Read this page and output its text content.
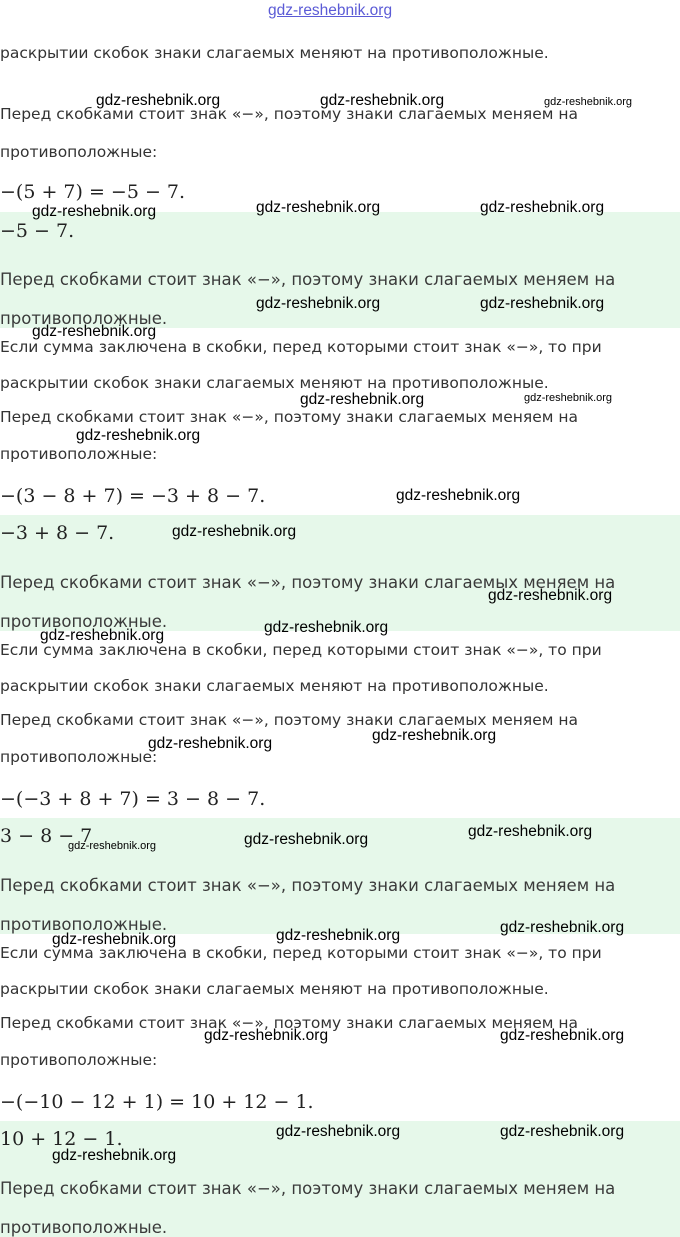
gdz-reshebnik.org
раскрытии скобок знаки слагаемых меняют на противоположные.
Перед скобками стоит знак «−», поэтому знаки слагаемых меняем на
противоположные:
−(5 + 7) = −5 − 7.
−5 − 7.
Перед скобками стоит знак «−», поэтому знаки слагаемых меняем на
противоположные.
Если сумма заключена в скобки, перед которыми стоит знак «−», то при
раскрытии скобок знаки слагаемых меняют на противоположные.
Перед скобками стоит знак «−», поэтому знаки слагаемых меняем на
противоположные:
−(3 − 8 + 7) = −3 + 8 − 7.
−3 + 8 − 7.
Перед скобками стоит знак «−», поэтому знаки слагаемых меняем на
противоположные.
Если сумма заключена в скобки, перед которыми стоит знак «−», то при
раскрытии скобок знаки слагаемых меняют на противоположные.
Перед скобками стоит знак «−», поэтому знаки слагаемых меняем на
противоположные:
−(−3 + 8 + 7) = 3 − 8 − 7.
3 − 8 − 7
Перед скобками стоит знак «−», поэтому знаки слагаемых меняем на
противоположные.
Если сумма заключена в скобки, перед которыми стоит знак «−», то при
раскрытии скобок знаки слагаемых меняют на противоположные.
Перед скобками стоит знак «−», поэтому знаки слагаемых меняем на
противоположные:
−(−10 − 12 + 1) = 10 + 12 − 1.
10 + 12 − 1.
Перед скобками стоит знак «−», поэтому знаки слагаемых меняем на
противоположные.
gdz-reshebnik.org	gdz-reshebnik.org	gdz-reshebnik.org
gdz-reshebnik.org	gdz-reshebnik.org	gdz-reshebnik.org
gdz-reshebnik.org	gdz-reshebnik.org
gdz-reshebnik.org
gdz-reshebnik.org	gdz-reshebnik.org
gdz-reshebnik.org
gdz-reshebnik.org
gdz-reshebnik.org
gdz-reshebnik.org
gdz-reshebnik.org
gdz-reshebnik.org
gdz-reshebnik.org
gdz-reshebnik.org
gdz-reshebnik.org
gdz-reshebnik.org
gdz-reshebnik.org
gdz-reshebnik.org
gdz-reshebnik.org
gdz-reshebnik.org
gdz-reshebnik.org	gdz-reshebnik.org
gdz-reshebnik.org	gdz-reshebnik.org
gdz-reshebnik.org
